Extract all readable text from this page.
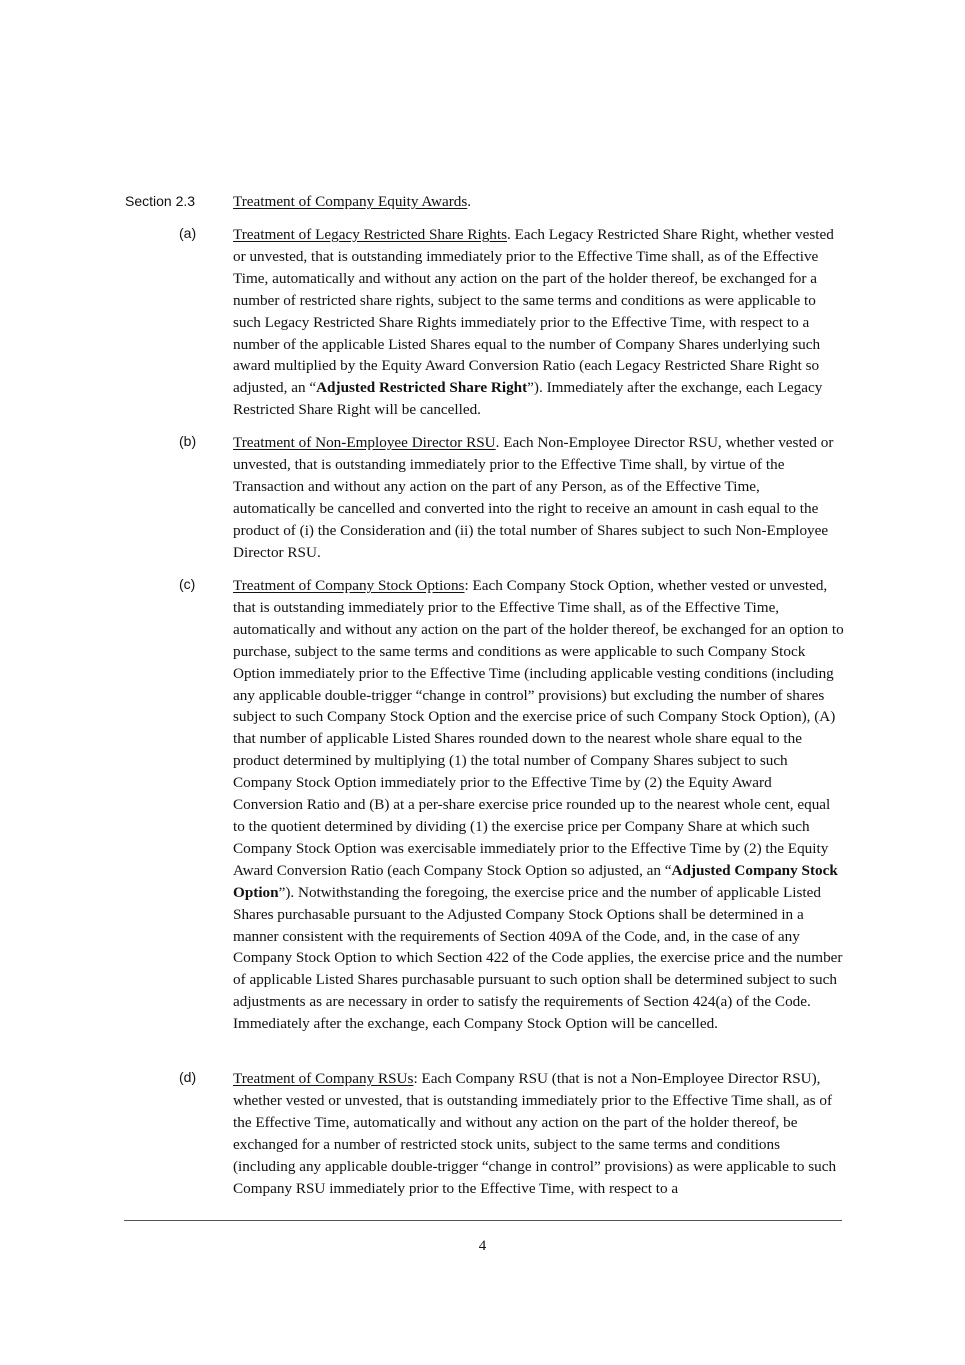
Section 2.3 Treatment of Company Equity Awards.
(a) Treatment of Legacy Restricted Share Rights. Each Legacy Restricted Share Right, whether vested or unvested, that is outstanding immediately prior to the Effective Time shall, as of the Effective Time, automatically and without any action on the part of the holder thereof, be exchanged for a number of restricted share rights, subject to the same terms and conditions as were applicable to such Legacy Restricted Share Rights immediately prior to the Effective Time, with respect to a number of the applicable Listed Shares equal to the number of Company Shares underlying such award multiplied by the Equity Award Conversion Ratio (each Legacy Restricted Share Right so adjusted, an “Adjusted Restricted Share Right”). Immediately after the exchange, each Legacy Restricted Share Right will be cancelled.

(b) Treatment of Non-Employee Director RSU. Each Non-Employee Director RSU, whether vested or unvested, that is outstanding immediately prior to the Effective Time shall, by virtue of the Transaction and without any action on the part of any Person, as of the Effective Time, automatically be cancelled and converted into the right to receive an amount in cash equal to the product of (i) the Consideration and (ii) the total number of Shares subject to such Non-Employee Director RSU.

(c) Treatment of Company Stock Options: Each Company Stock Option, whether vested or unvested, that is outstanding immediately prior to the Effective Time shall, as of the Effective Time, automatically and without any action on the part of the holder thereof, be exchanged for an option to purchase, subject to the same terms and conditions as were applicable to such Company Stock Option immediately prior to the Effective Time (including applicable vesting conditions (including any applicable double-trigger “change in control” provisions) but excluding the number of shares subject to such Company Stock Option and the exercise price of such Company Stock Option), (A) that number of applicable Listed Shares rounded down to the nearest whole share equal to the product determined by multiplying (1) the total number of Company Shares subject to such Company Stock Option immediately prior to the Effective Time by (2) the Equity Award Conversion Ratio and (B) at a per-share exercise price rounded up to the nearest whole cent, equal to the quotient determined by dividing (1) the exercise price per Company Share at which such Company Stock Option was exercisable immediately prior to the Effective Time by (2) the Equity Award Conversion Ratio (each Company Stock Option so adjusted, an “Adjusted Company Stock Option”). Notwithstanding the foregoing, the exercise price and the number of applicable Listed Shares purchasable pursuant to the Adjusted Company Stock Options shall be determined in a manner consistent with the requirements of Section 409A of the Code, and, in the case of any Company Stock Option to which Section 422 of the Code applies, the exercise price and the number of applicable Listed Shares purchasable pursuant to such option shall be determined subject to such adjustments as are necessary in order to satisfy the requirements of Section 424(a) of the Code. Immediately after the exchange, each Company Stock Option will be cancelled.

(d) Treatment of Company RSUs: Each Company RSU (that is not a Non-Employee Director RSU), whether vested or unvested, that is outstanding immediately prior to the Effective Time shall, as of the Effective Time, automatically and without any action on the part of the holder thereof, be exchanged for a number of restricted stock units, subject to the same terms and conditions (including any applicable double-trigger “change in control” provisions) as were applicable to such Company RSU immediately prior to the Effective Time, with respect to a

4
